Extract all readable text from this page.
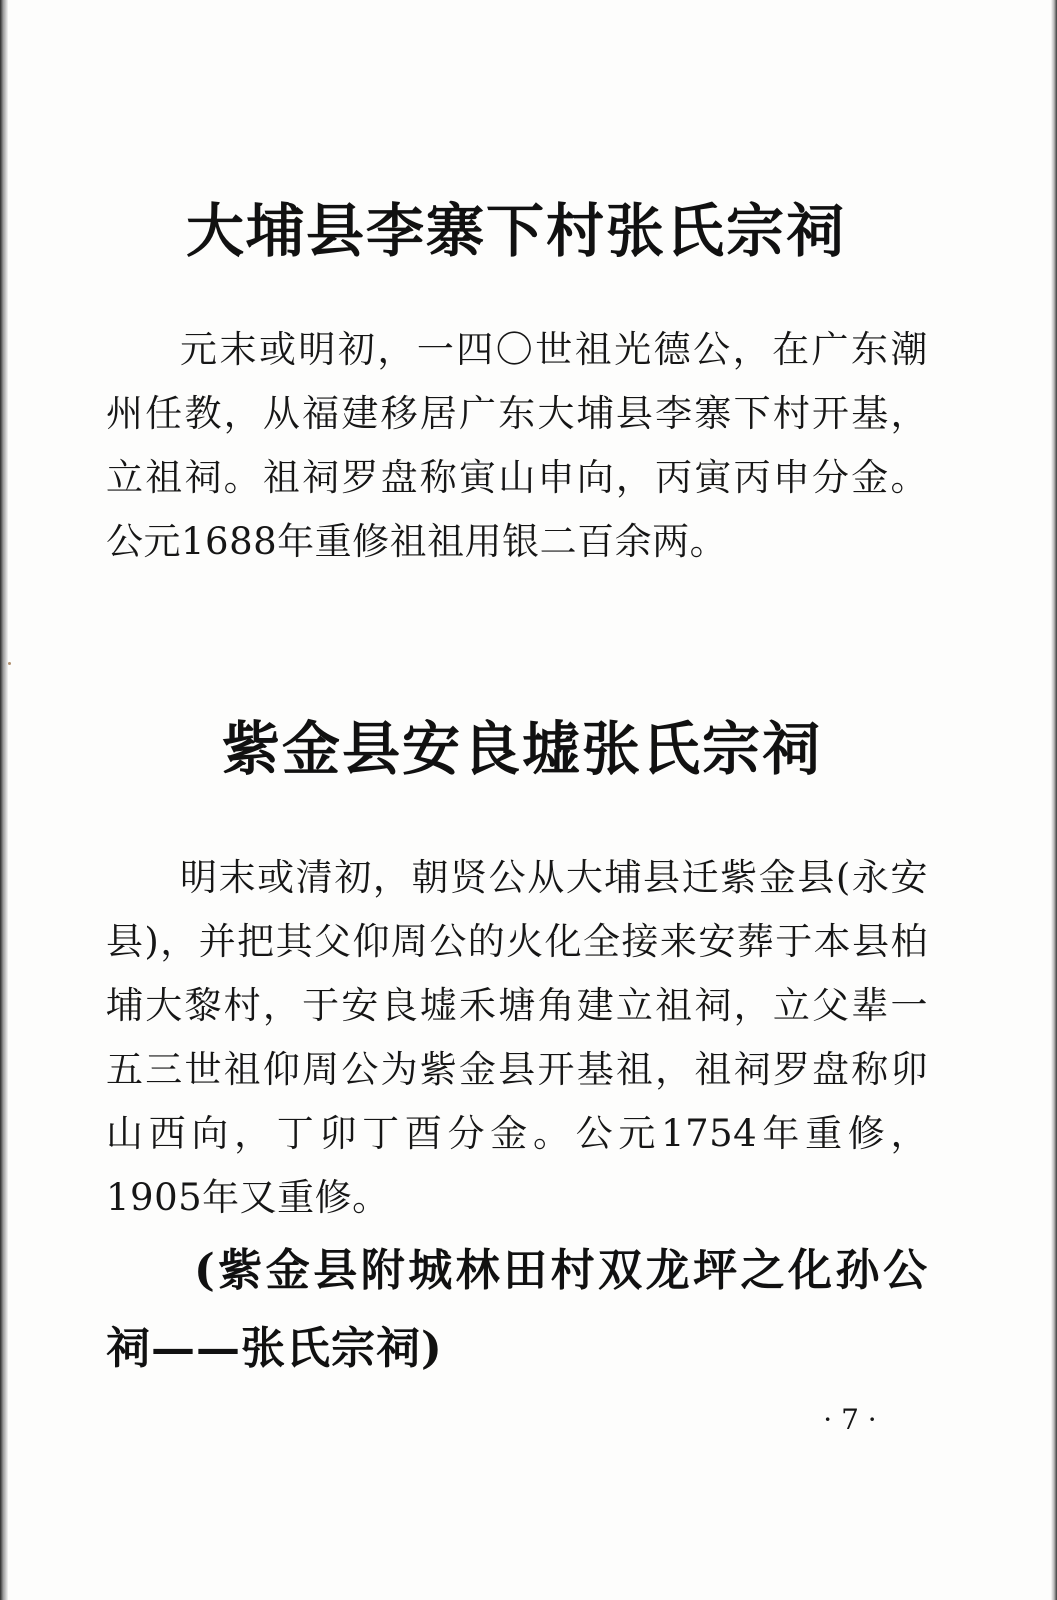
大埔县李寨下村张氏宗祠

元末或明初，一四〇世祖光德公，在广东潮州任教，从福建移居广东大埔县李寨下村开基，立祖祠。祖祠罗盘称寅山申向，丙寅丙申分金。公元1688年重修祖祖用银二百余两。

紫金县安良墟张氏宗祠

明末或清初，朝贤公从大埔县迁紫金县(永安县)，并把其父仰周公的火化全接来安葬于本县柏埔大黎村，于安良墟禾塘角建立祖祠，立父辈一五三世祖仰周公为紫金县开基祖，祖祠罗盘称卯山西向，丁卯丁酉分金。公元1754年重修，1905年又重修。

(紫金县附城林田村双龙坪之化孙公祠——张氏宗祠)

· 7 ·
